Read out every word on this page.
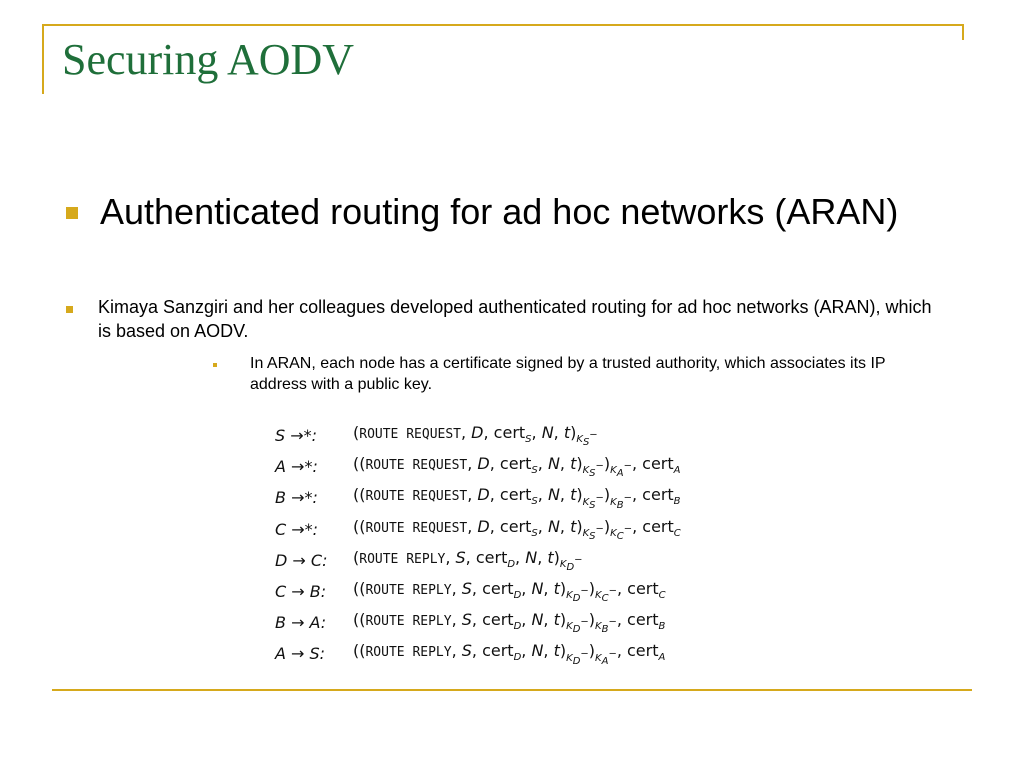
Securing AODV
Authenticated routing for ad hoc networks (ARAN)
Kimaya Sanzgiri and her colleagues developed authenticated routing for ad hoc networks (ARAN), which is based on AODV.
In ARAN, each node has a certificate signed by a trusted authority, which associates its IP address with a public key.
S →*:	(ROUTE REQUEST, D, cert$_S$, N, $t)_{K_S^-}$
A →*:	((ROUTE REQUEST, D, cert$_S$, N, $t)_{K_S^-})_{K_A^-}$, cert$_A$
B →*:	((ROUTE REQUEST, D, cert$_S$, N, $t)_{K_S^-})_{K_B^-}$, cert$_B$
C →*:	((ROUTE REQUEST, D, cert$_S$, N, $t)_{K_S^-})_{K_C^-}$, cert$_C$
D → C:	(ROUTE REPLY, S, cert$_D$, N, $t)_{K_D^-}$
C → B:	((ROUTE REPLY, S, cert$_D$, N, $t)_{K_D^-})_{K_C^-}$, cert$_C$
B → A:	((ROUTE REPLY, S, cert$_D$, N, $t)_{K_D^-})_{K_B^-}$, cert$_B$
A → S:	((ROUTE REPLY, S, cert$_D$, N, $t)_{K_D^-})_{K_A^-}$, cert$_A$
